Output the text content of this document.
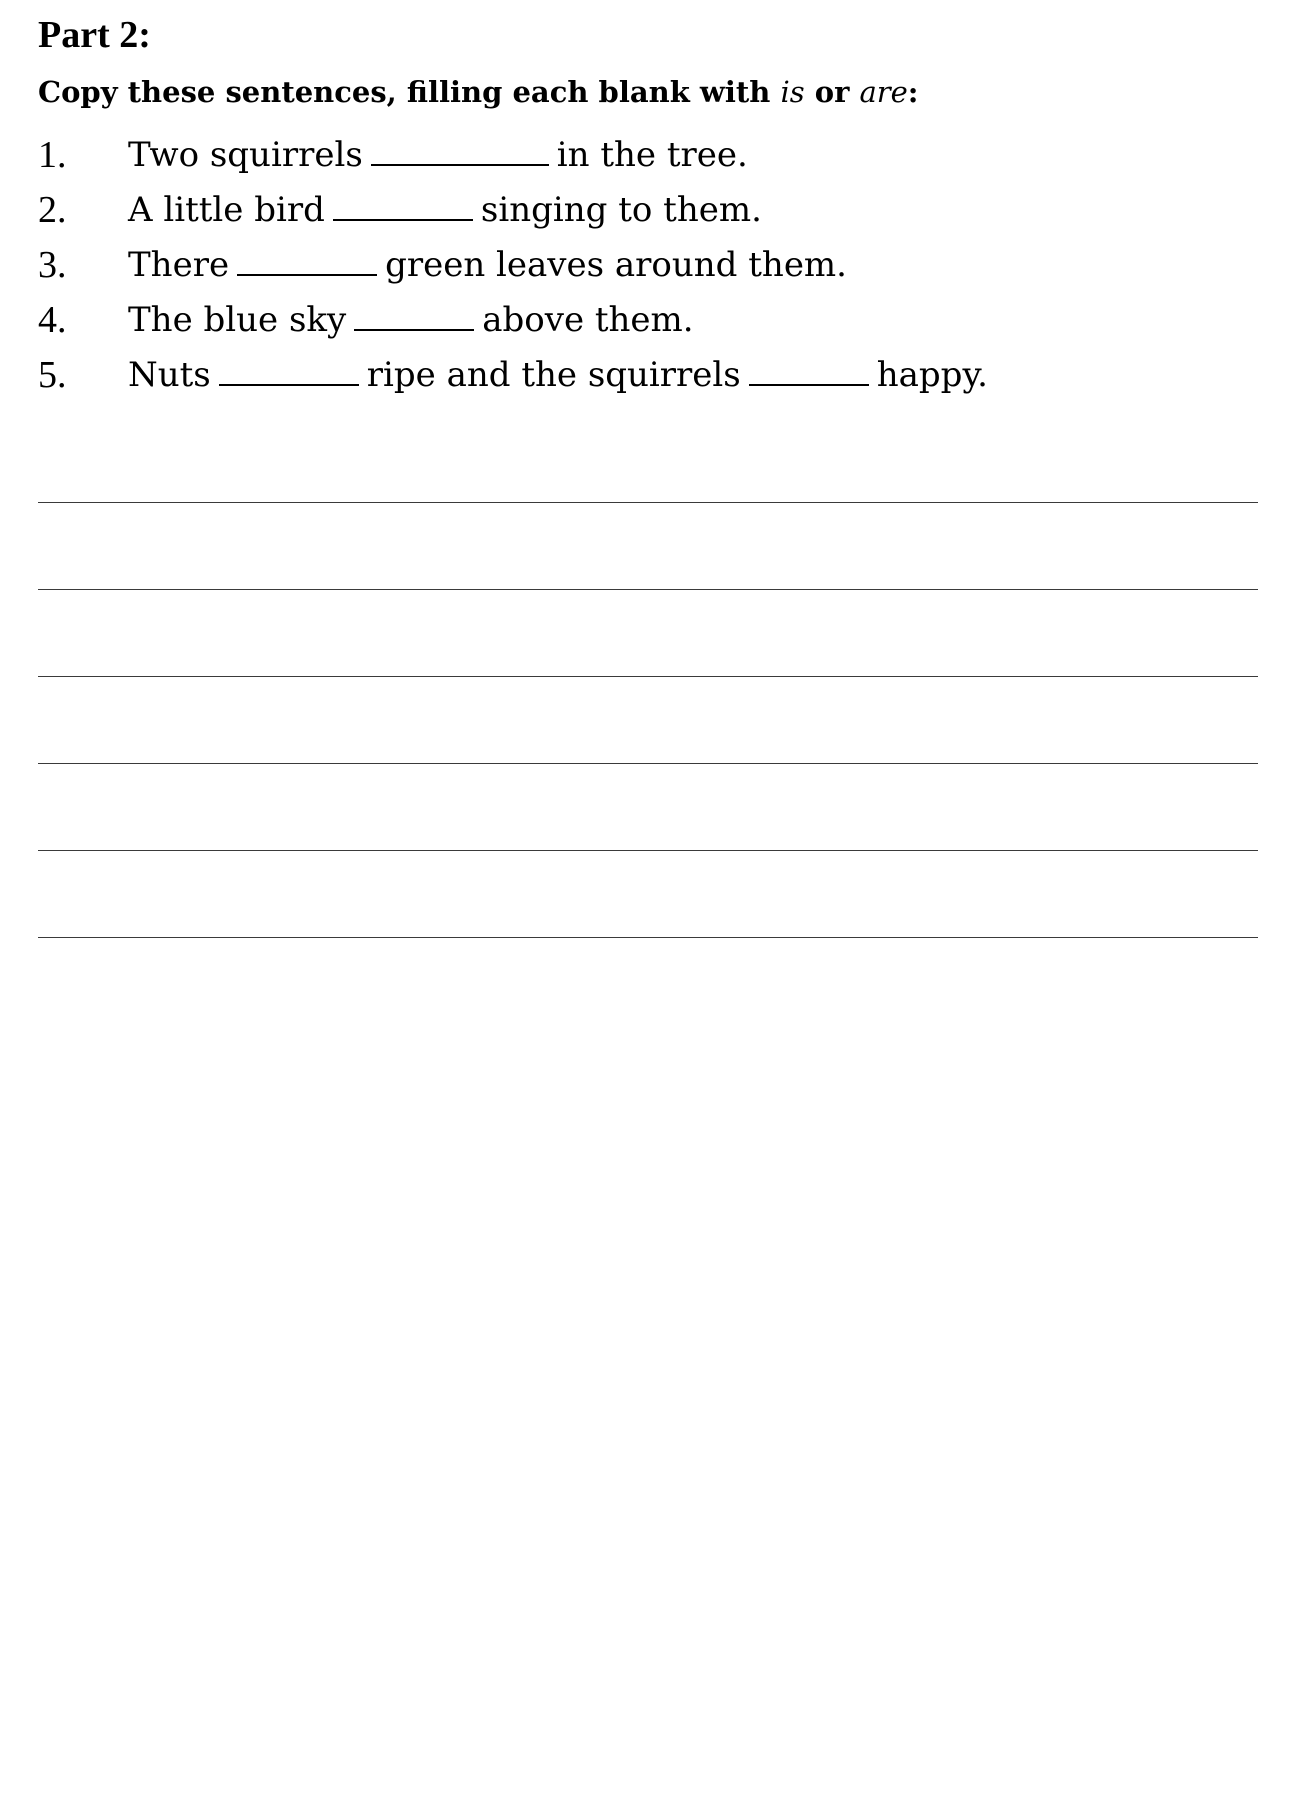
Part 2:

Copy these sentences, filling each blank with is or are:

1. Two squirrels	in the tree.
2. A little bird	singing to them.
3. There	green leaves around them.
4. The blue sky	above them.
5. Nuts	ripe and the squirrels	happy.
